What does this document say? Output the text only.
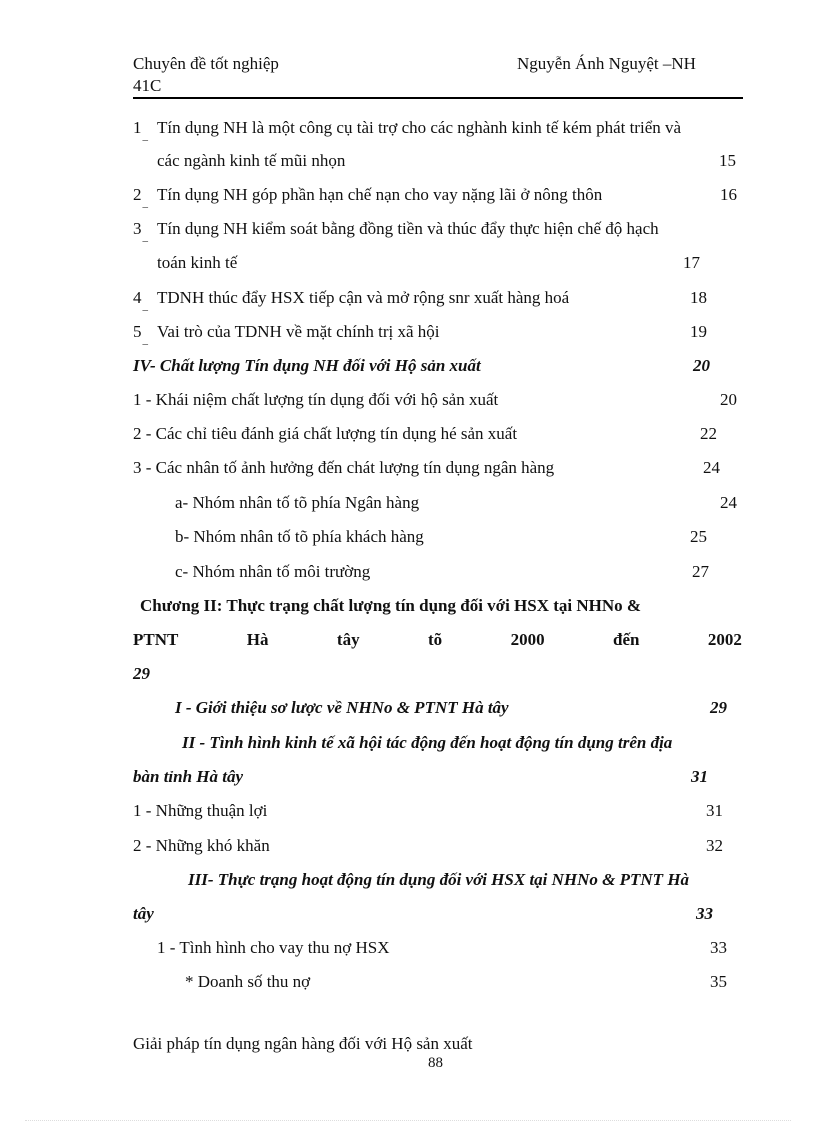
Chuyên đề tốt nghiệp	Nguyễn Ánh Nguyệt –NH
41C
$1_{\_}$ Tín dụng NH là một công cụ tài trợ cho các nghành kinh tế kém phát triển và
các ngành kinh tế mũi nhọn	15
$2_{\_}$ Tín dụng NH góp phần hạn chế nạn cho vay nặng lãi ở nông thôn	16
$3_{\_}$ Tín dụng NH kiểm soát bằng đồng tiền và thúc đẩy thực hiện chế độ hạch
toán kinh tế	17
$4_{\_}$ TDNH thúc đẩy HSX tiếp cận và mở rộng snr xuất hàng hoá	18
$5_{\_}$ Vai trò của TDNH về mặt chính trị xã hội	19
IV- Chất lượng Tín dụng NH đối với Hộ sản xuất	20
1 - Khái niệm chất lượng tín dụng đối với hộ sản xuất	20
2 - Các chỉ tiêu đánh giá chất lượng tín dụng hé sản xuất	22
3 - Các nhân tố ảnh hưởng đến chát lượng tín dụng ngân hàng	24
a- Nhóm nhân tố tõ phía Ngân hàng	24
b- Nhóm nhân tố tõ phía khách hàng	25
c- Nhóm nhân tố môi trường	27
Chương II: Thực trạng chất lượng tín dụng đối với HSX tại NHNo &
PTNT	Hà	tây	tõ	2000	đến	2002
29
I - Giới thiệu sơ lược về NHNo & PTNT Hà tây	29
II - Tình hình kinh tế xã hội tác động đến hoạt động tín dụng trên địa
bàn tỉnh Hà tây	31
1 - Những thuận lợi	31
2 - Những khó khăn	32
III- Thực trạng hoạt động tín dụng đối với HSX tại NHNo & PTNT Hà
tây	33
1 - Tình hình cho vay thu nợ HSX	33
* Doanh số thu nợ	35
Giải pháp tín dụng ngân hàng đối với Hộ sản xuất
88
